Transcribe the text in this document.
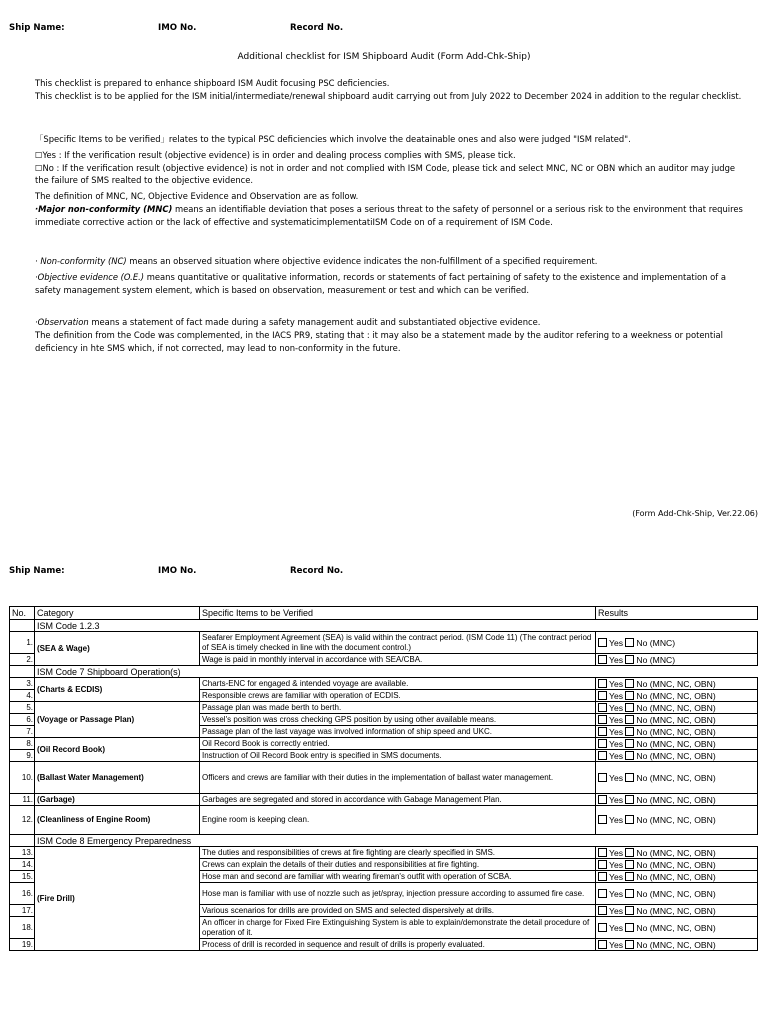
Ship Name:	IMO No.	Record No.
Additional checklist for ISM Shipboard Audit (Form Add-Chk-Ship)

This checklist is prepared to enhance shipboard ISM Audit focusing PSC deficiencies.

This checklist is to be applied for the ISM initial/intermediate/renewal shipboard audit carrying out from July 2022 to December 2024 in addition to the regular checklist.

「Specific Items to be verified」relates to the typical PSC deficiencies which involve the deatainable ones and also were judged "ISM related".

☐Yes : If the verification result (objective evidence) is in order and dealing process complies with SMS, please tick.

☐No : If the verification result (objective evidence) is not in order and not complied with ISM Code, please tick and select MNC, NC or OBN which an auditor may judge the failure of SMS realted to the objective evidence.

The definition of MNC, NC, Objective Evidence and Observation are as follow.

·Major non-conformity (MNC) means an identifiable deviation that poses a serious threat to the safety of personnel or a serious risk to the environment that requires immediate corrective action or the lack of effective and systematicimplementatiISM Code on of a requirement of ISM Code.

· Non-conformity (NC) means an observed situation where objective evidence indicates the non-fulfillment of a specified requirement.

·Objective evidence (O.E.) means quantitative or qualitative information, records or statements of fact pertaining of safety to the existence and implementation of a safety management system element, which is based on observation, measurement or test and which can be verified.

·Observation means a statement of fact made during a safety management audit and substantiated objective evidence.

The definition from the Code was complemented, in the IACS PR9, stating that : it may also be a statement made by the auditor refering to a weekness or potential deficiency in hte SMS which, if not corrected, may lead to non-conformity in the future.

(Form Add-Chk-Ship, Ver.22.06)
Ship Name:	IMO No.	Record No.
No.	Category	Specific Items to be Verified	Results
	ISM Code 1.2.3		
1.	(SEA & Wage)	Seafarer Employment Agreement (SEA) is valid within the contract period. (ISM Code 11) (The contract period of SEA is timely checked in line with the document control.)	Yes No (MNC)
2.		Wage is paid in monthly interval in accordance with SEA/CBA.	Yes No (MNC)
	ISM Code 7 Shipboard Operation(s)		
3.	(Charts & ECDIS)	Charts-ENC for engaged & intended voyage are available.	Yes No (MNC, NC, OBN)
4.		Responsible crews are familiar with operation of ECDIS.	Yes No (MNC, NC, OBN)
5.	(Voyage or Passage Plan)	Passage plan was made berth to berth.	Yes No (MNC, NC, OBN)
6.		Vessel's position was cross checking GPS position by using other available means.	Yes No (MNC, NC, OBN)
7.		Passage plan of the last vayage was involved information of ship speed and UKC.	Yes No (MNC, NC, OBN)
8.	(Oil Record Book)	Oil Record Book is correctly entried.	Yes No (MNC, NC, OBN)
9.		Instruction of Oil Record Book entry is specified in SMS documents.	Yes No (MNC, NC, OBN)
10.	(Ballast Water Management)	Officers and crews are familiar with their duties in the implementation of ballast water management.	Yes No (MNC, NC, OBN)
11.	(Garbage)	Garbages are segregated and stored in accordance with Gabage Management Plan.	Yes No (MNC, NC, OBN)
12.	(Cleanliness of Engine Room)	Engine room is keeping clean.	Yes No (MNC, NC, OBN)
	ISM Code 8 Emergency Preparedness		
13.	(Fire Drill)	The duties and responsibilities of crews at fire fighting are clearly specified in SMS.	Yes No (MNC, NC, OBN)
14.		Crews can explain the details of their duties and responsibilities at fire fighting.	Yes No (MNC, NC, OBN)
15.		Hose man and second are familiar with wearing fireman's outfit with operation of SCBA.	Yes No (MNC, NC, OBN)
16.		Hose man is familiar with use of nozzle such as jet/spray, injection pressure according to assumed fire case.	Yes No (MNC, NC, OBN)
17.		Various scenarios for drills are provided on SMS and selected dispersively at drills.	Yes No (MNC, NC, OBN)
18.		An officer in charge for Fixed Fire Extinguishing System is able to explain/demonstrate the detail procedure of operation of it.	Yes No (MNC, NC, OBN)
19.		Process of drill is recorded in sequence and result of drills is properly evaluated.	Yes No (MNC, NC, OBN)
